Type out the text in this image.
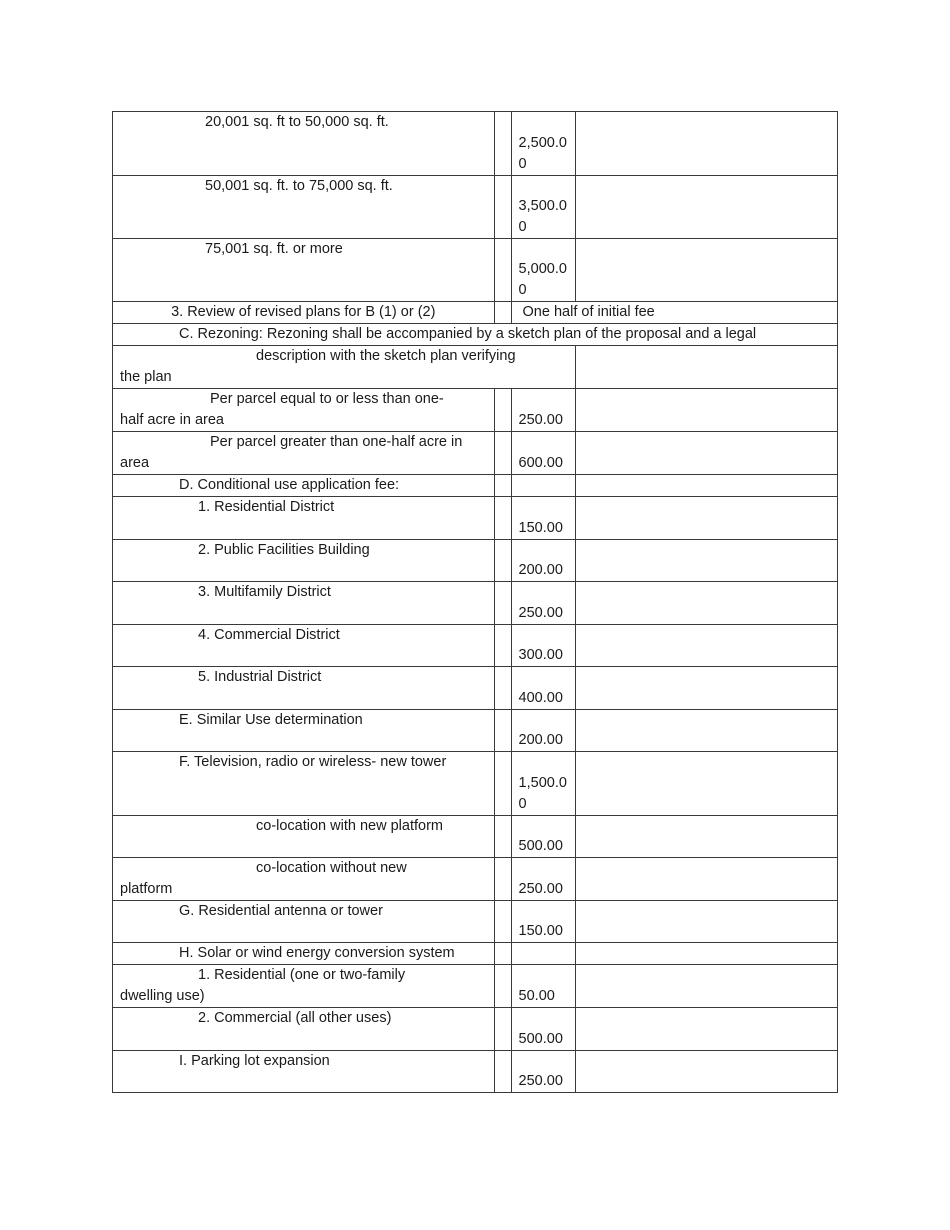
20,001 sq. ft to 50,000 sq. ft.		2,500.00	

50,001 sq. ft. to 75,000 sq. ft.		3,500.00	

75,001 sq. ft. or more		5,000.00	

3. Review of revised plans for B (1) or (2)		One half of initial fee	

C. Rezoning: Rezoning shall be accompanied by a sketch plan of the proposal and a legal			

description with the sketch plan verifying
the plan			

Per parcel equal to or less than one-
half acre in area		250.00	

Per parcel greater than one-half acre in
area		600.00	

D. Conditional use application fee:			

1. Residential District		150.00	

2. Public Facilities Building		200.00	

3. Multifamily District		250.00	

4. Commercial District		300.00	

5. Industrial District		400.00	

E. Similar Use determination		200.00	

F. Television, radio or wireless- new tower		1,500.00	

co-location with new platform		500.00	

co-location without new
platform		250.00	

G. Residential antenna or tower		150.00	

H. Solar or wind energy conversion system			

1. Residential (one or two-family
dwelling use)		50.00	

2. Commercial (all other uses)		500.00	

I. Parking lot expansion		250.00	
